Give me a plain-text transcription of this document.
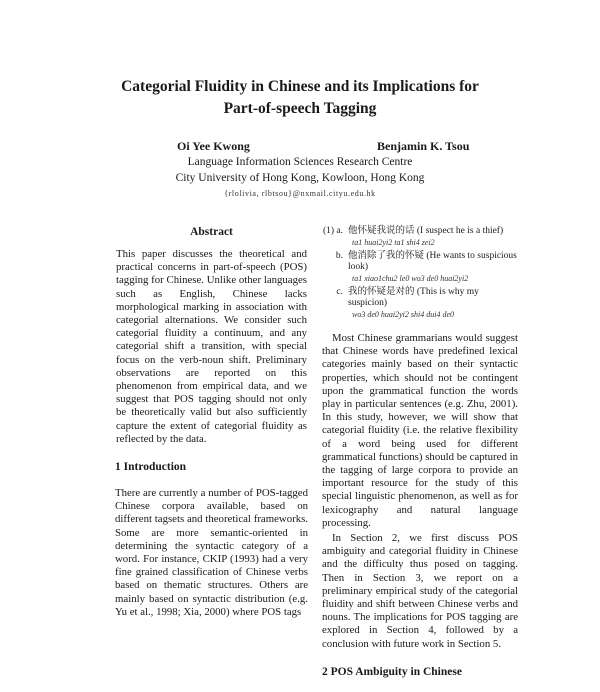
Categorial Fluidity in Chinese and its Implications for
Part-of-speech Tagging
Oi Yee Kwong	Benjamin K. Tsou
Language Information Sciences Research Centre
City University of Hong Kong, Kowloon, Hong Kong
{rlolivia, rlbtsou}@nxmail.cityu.edu.hk
Abstract

This paper discusses the theoretical and practical concerns in part-of-speech (POS) tagging for Chinese. Unlike other languages such as English, Chinese lacks morphological marking in association with categorial alternations. We consider such categorial fluidity a continuum, and any categorial shift a transition, with special focus on the verb-noun shift. Preliminary observations are reported on this phenomenon from empirical data, and we suggest that POS tagging should not only be theoretically valid but also sufficiently capture the extent of categorial fluidity as reflected by the data.

1 Introduction

There are currently a number of POS-tagged Chinese corpora available, based on different tagsets and theoretical frameworks. Some are more semantic-oriented in determining the syntactic category of a word. For instance, CKIP (1993) had a very fine grained classification of Chinese verbs based on thematic structures. Others are mainly based on syntactic distribution (e.g. Yu et al., 1998; Xia, 2000) where POS tags

(1) a. 他怀疑我说的话 (I suspect he is a thief)
ta1 huai2yi2 ta1 shi4 zei2
b. 他消除了我的怀疑 (He wants to suspicious look)
ta1 xiao1chu2 le0 wo3 de0 huai2yi2
c. 我的怀疑是对的 (This is why my suspicion)
wo3 de0 huai2yi2 shi4 dui4 de0

Most Chinese grammarians would suggest that Chinese words have predefined lexical categories mainly based on their syntactic properties, which should not be contingent upon the grammatical function the words play in particular sentences (e.g. Zhu, 2001). In this study, however, we will show that categorial fluidity (i.e. the relative flexibility of a word being used for different grammatical functions) should be captured in the tagging of large corpora to provide an important resource for the study of this special linguistic phenomenon, as well as for lexicography and natural language processing.

In Section 2, we first discuss POS ambiguity and categorial fluidity in Chinese and the difficulty thus posed on tagging. Then in Section 3, we report on a preliminary empirical study of the categorial fluidity and shift between Chinese verbs and nouns. The implications for POS tagging are explored in Section 4, followed by a conclusion with future work in Section 5.

2 POS Ambiguity in Chinese
